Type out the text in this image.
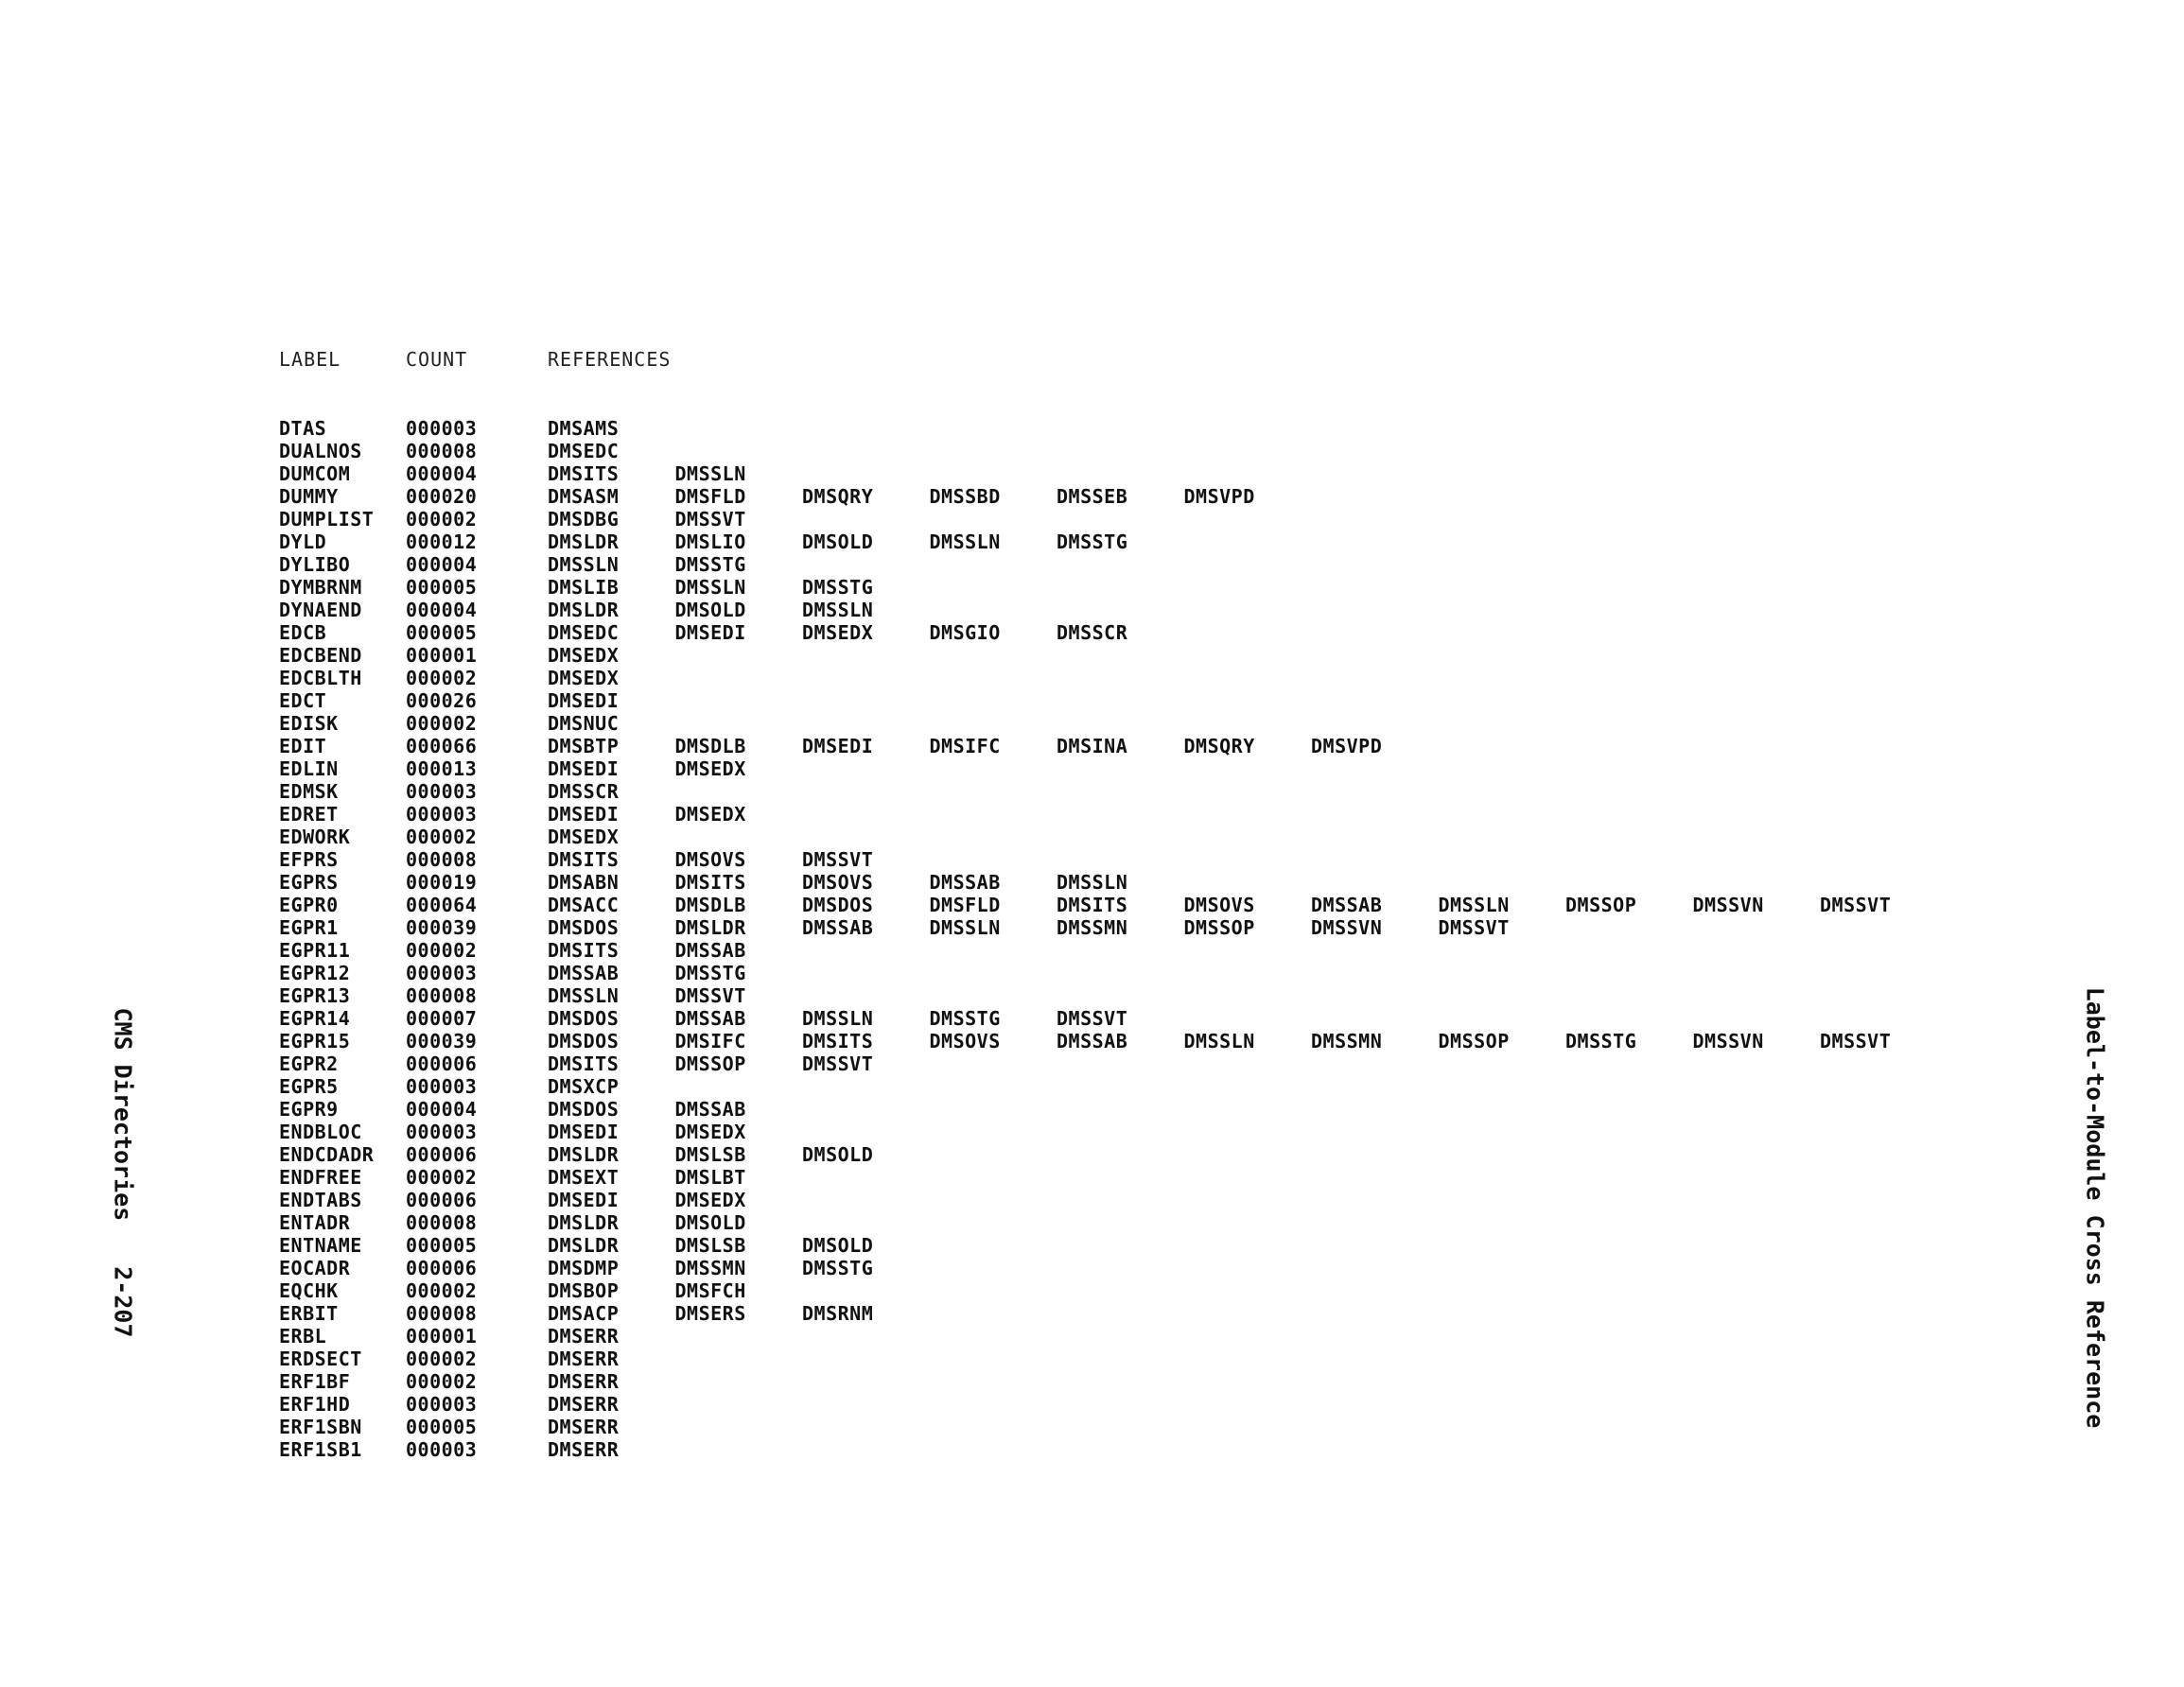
LABEL	COUNT	REFERENCES
DTAS	000003	DMSAMS
DUALNOS 000008	DMSEDC
DUMCOM	000004	DMSITS	DMSSLN
DUMMY	000020	DMSASM	DMSFLD	DMSQRY	DMSSBD	DMSSEB	DMSVPD
DUMPLIST 000002	DMSDBG	DMSSVT
DYLD	000012	DMSLDR	DMSLIO	DMSOLD	DMSSLN	DMSSTG
DYLIBO	000004	DMSSLN	DMSSTG
DYMBRNM 000005	DMSLIB	DMSSLN	DMSSTG
DYNAEND 000004	DMSLDR	DMSOLD	DMSSLN
EDCB	000005	DMSEDC	DMSEDI	DMSEDX	DMSGIO	DMSSCR
EDCBEND 000001	DMSEDX
EDCBLTH 000002	DMSEDX
EDCT	000026	DMSEDI
EDISK	000002	DMSNUC
EDIT	000066	DMSBTP	DMSDLB	DMSEDI	DMSIFC	DMSINA	DMSQRY	DMSVPD
EDLIN	000013	DMSEDI	DMSEDX
EDMSK	000003	DMSSCR
EDRET	000003	DMSEDI	DMSEDX
EDWORK	000002	DMSEDX
EFPRS	000008	DMSITS	DMSOVS	DMSSVT
EGPRS	000019	DMSABN	DMSITS	DMSOVS	DMSSAB	DMSSLN
EGPR0	000064	DMSACC	DMSDLB	DMSDOS	DMSFLD	DMSITS	DMSOVS	DMSSAB	DMSSLN	DMSSOP	DMSSVN	DMSSVT
EGPR1	000039	DMSDOS	DMSLDR	DMSSAB	DMSSLN	DMSSMN	DMSSOP	DMSSVN	DMSSVT
EGPR11	000002	DMSITS	DMSSAB
EGPR12	000003	DMSSAB	DMSSTG
EGPR13	000008	DMSSLN	DMSSVT
EGPR14	000007	DMSDOS	DMSSAB	DMSSLN	DMSSTG	DMSSVT
EGPR15	000039	DMSDOS	DMSIFC	DMSITS	DMSOVS	DMSSAB	DMSSLN	DMSSMN	DMSSOP	DMSSTG	DMSSVN	DMSSVT
EGPR2	000006	DMSITS	DMSSOP	DMSSVT
EGPR5	000003	DMSXCP
EGPR9	000004	DMSDOS	DMSSAB
ENDBLOC 000003	DMSEDI	DMSEDX
ENDCDADR 000006	DMSLDR	DMSLSB	DMSOLD
ENDFREE 000002	DMSEXT	DMSLBT
ENDTABS 000006	DMSEDI	DMSEDX
ENTADR	000008	DMSLDR	DMSOLD
ENTNAME 000005	DMSLDR	DMSLSB	DMSOLD
EOCADR	000006	DMSDMP	DMSSMN	DMSSTG
EQCHK	000002	DMSBOP	DMSFCH
ERBIT	000008	DMSACP	DMSERS	DMSRNM
ERBL	000001	DMSERR
ERDSECT 000002	DMSERR
ERF1BF	000002	DMSERR
ERF1HD	000003	DMSERR
ERF1SBN 000005	DMSERR
ERF1SB1 000003	DMSERR
CMS Directories2-207	Label-to-Module Cross Reference
